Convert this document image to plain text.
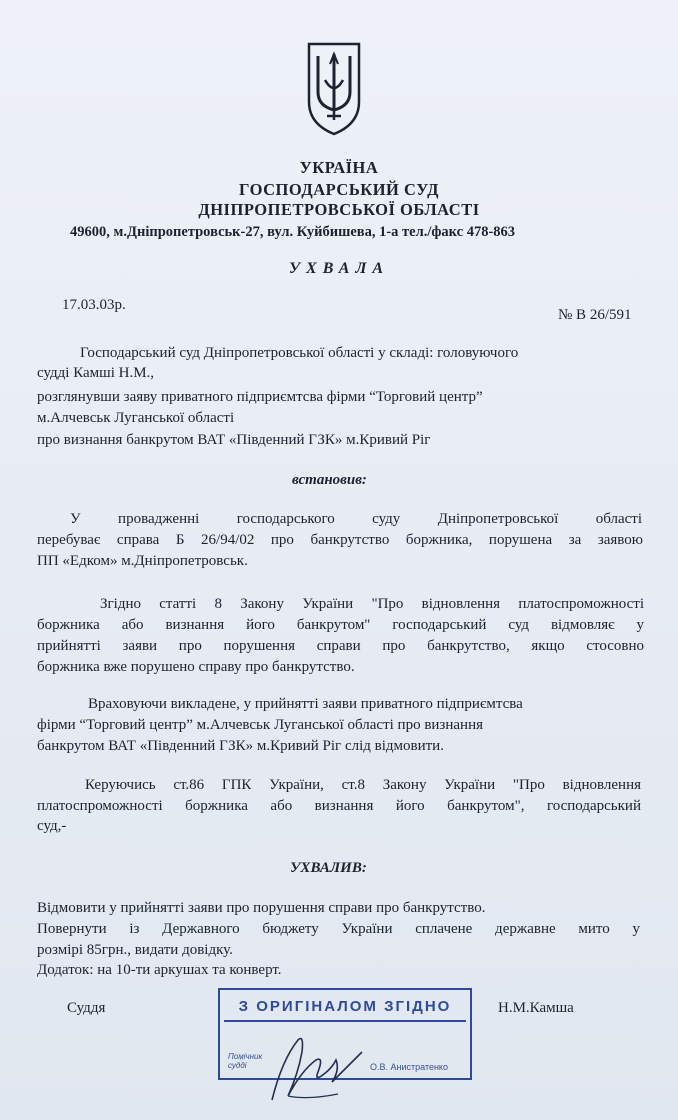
УКРАЇНА
ГОСПОДАРСЬКИЙ СУД
ДНІПРОПЕТРОВСЬКОЇ ОБЛАСТІ
49600, м.Дніпропетровськ-27, вул. Куйбишева, 1-а тел./факс 478-863
УХВАЛА
17.03.03р.
№ В 26/591
Господарський суд Дніпропетровської області у складі: головуючого
судді Камші Н.М.,
розглянувши заяву приватного підприємтсва фірми “Торговий центр”
м.Алчевськ Луганської області
про визнання банкрутом ВАТ «Південний ГЗК» м.Кривий Ріг
встановив:
У провадженні господарського суду Дніпропетровської області
перебуває справа Б 26/94/02 про банкрутство боржника, порушена за заявою
ПП «Едком» м.Дніпропетровськ.
Згідно статті 8 Закону України "Про відновлення платоспроможності
боржника або визнання його банкрутом" господарський суд відмовляє у
прийнятті заяви про порушення справи про банкрутство, якщо стосовно
боржника вже порушено справу про банкрутство.
Враховуючи викладене, у прийнятті заяви приватного підприємтсва
фірми “Торговий центр” м.Алчевськ Луганської області про визнання
банкрутом ВАТ «Південний ГЗК» м.Кривий Ріг слід відмовити.
Керуючись ст.86 ГПК України, ст.8 Закону України "Про відновлення
платоспроможності боржника або визнання його банкрутом", господарський
суд,-
УХВАЛИВ:
Відмовити у прийнятті заяви про порушення справи про банкрутство.
Повернути із Державного бюджету України сплачене державне мито у
розмірі 85грн., видати довідку.
Додаток: на 10-ти аркушах та конверт.
Суддя	Н.М.Камша
З ОРИГІНАЛОМ ЗГІДНО
Помічник
судді	О.В. Анистратенко
